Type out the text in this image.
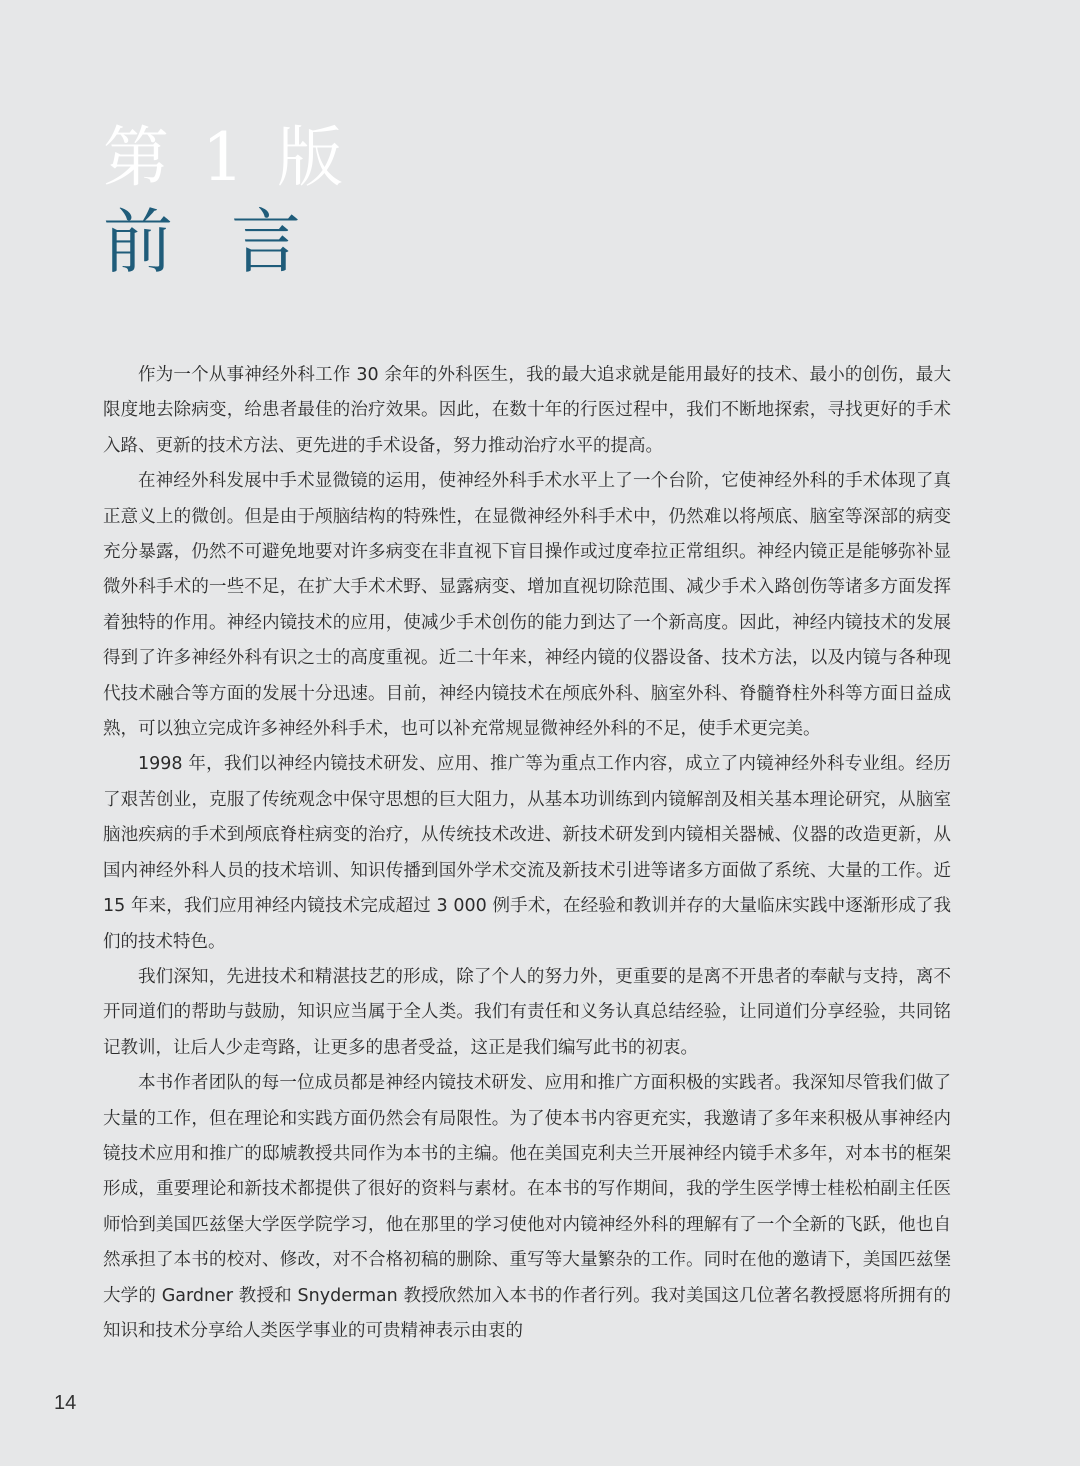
第 1 版
前言

作为一个从事神经外科工作 30 余年的外科医生，我的最大追求就是能用最好的技术、最小的创伤，最大限度地去除病变，给患者最佳的治疗效果。因此，在数十年的行医过程中，我们不断地探索，寻找更好的手术入路、更新的技术方法、更先进的手术设备，努力推动治疗水平的提高。

在神经外科发展中手术显微镜的运用，使神经外科手术水平上了一个台阶，它使神经外科的手术体现了真正意义上的微创。但是由于颅脑结构的特殊性，在显微神经外科手术中，仍然难以将颅底、脑室等深部的病变充分暴露，仍然不可避免地要对许多病变在非直视下盲目操作或过度牵拉正常组织。神经内镜正是能够弥补显微外科手术的一些不足，在扩大手术术野、显露病变、增加直视切除范围、减少手术入路创伤等诸多方面发挥着独特的作用。神经内镜技术的应用，使减少手术创伤的能力到达了一个新高度。因此，神经内镜技术的发展得到了许多神经外科有识之士的高度重视。近二十年来，神经内镜的仪器设备、技术方法，以及内镜与各种现代技术融合等方面的发展十分迅速。目前，神经内镜技术在颅底外科、脑室外科、脊髓脊柱外科等方面日益成熟，可以独立完成许多神经外科手术，也可以补充常规显微神经外科的不足，使手术更完美。

1998 年，我们以神经内镜技术研发、应用、推广等为重点工作内容，成立了内镜神经外科专业组。经历了艰苦创业，克服了传统观念中保守思想的巨大阻力，从基本功训练到内镜解剖及相关基本理论研究，从脑室脑池疾病的手术到颅底脊柱病变的治疗，从传统技术改进、新技术研发到内镜相关器械、仪器的改造更新，从国内神经外科人员的技术培训、知识传播到国外学术交流及新技术引进等诸多方面做了系统、大量的工作。近 15 年来，我们应用神经内镜技术完成超过 3 000 例手术，在经验和教训并存的大量临床实践中逐渐形成了我们的技术特色。

我们深知，先进技术和精湛技艺的形成，除了个人的努力外，更重要的是离不开患者的奉献与支持，离不开同道们的帮助与鼓励，知识应当属于全人类。我们有责任和义务认真总结经验，让同道们分享经验，共同铭记教训，让后人少走弯路，让更多的患者受益，这正是我们编写此书的初衷。

本书作者团队的每一位成员都是神经内镜技术研发、应用和推广方面积极的实践者。我深知尽管我们做了大量的工作，但在理论和实践方面仍然会有局限性。为了使本书内容更充实，我邀请了多年来积极从事神经内镜技术应用和推广的邸虓教授共同作为本书的主编。他在美国克利夫兰开展神经内镜手术多年，对本书的框架形成，重要理论和新技术都提供了很好的资料与素材。在本书的写作期间，我的学生医学博士桂松柏副主任医师恰到美国匹兹堡大学医学院学习，他在那里的学习使他对内镜神经外科的理解有了一个全新的飞跃，他也自然承担了本书的校对、修改，对不合格初稿的删除、重写等大量繁杂的工作。同时在他的邀请下，美国匹兹堡大学的 Gardner 教授和 Snyderman 教授欣然加入本书的作者行列。我对美国这几位著名教授愿将所拥有的知识和技术分享给人类医学事业的可贵精神表示由衷的

14
